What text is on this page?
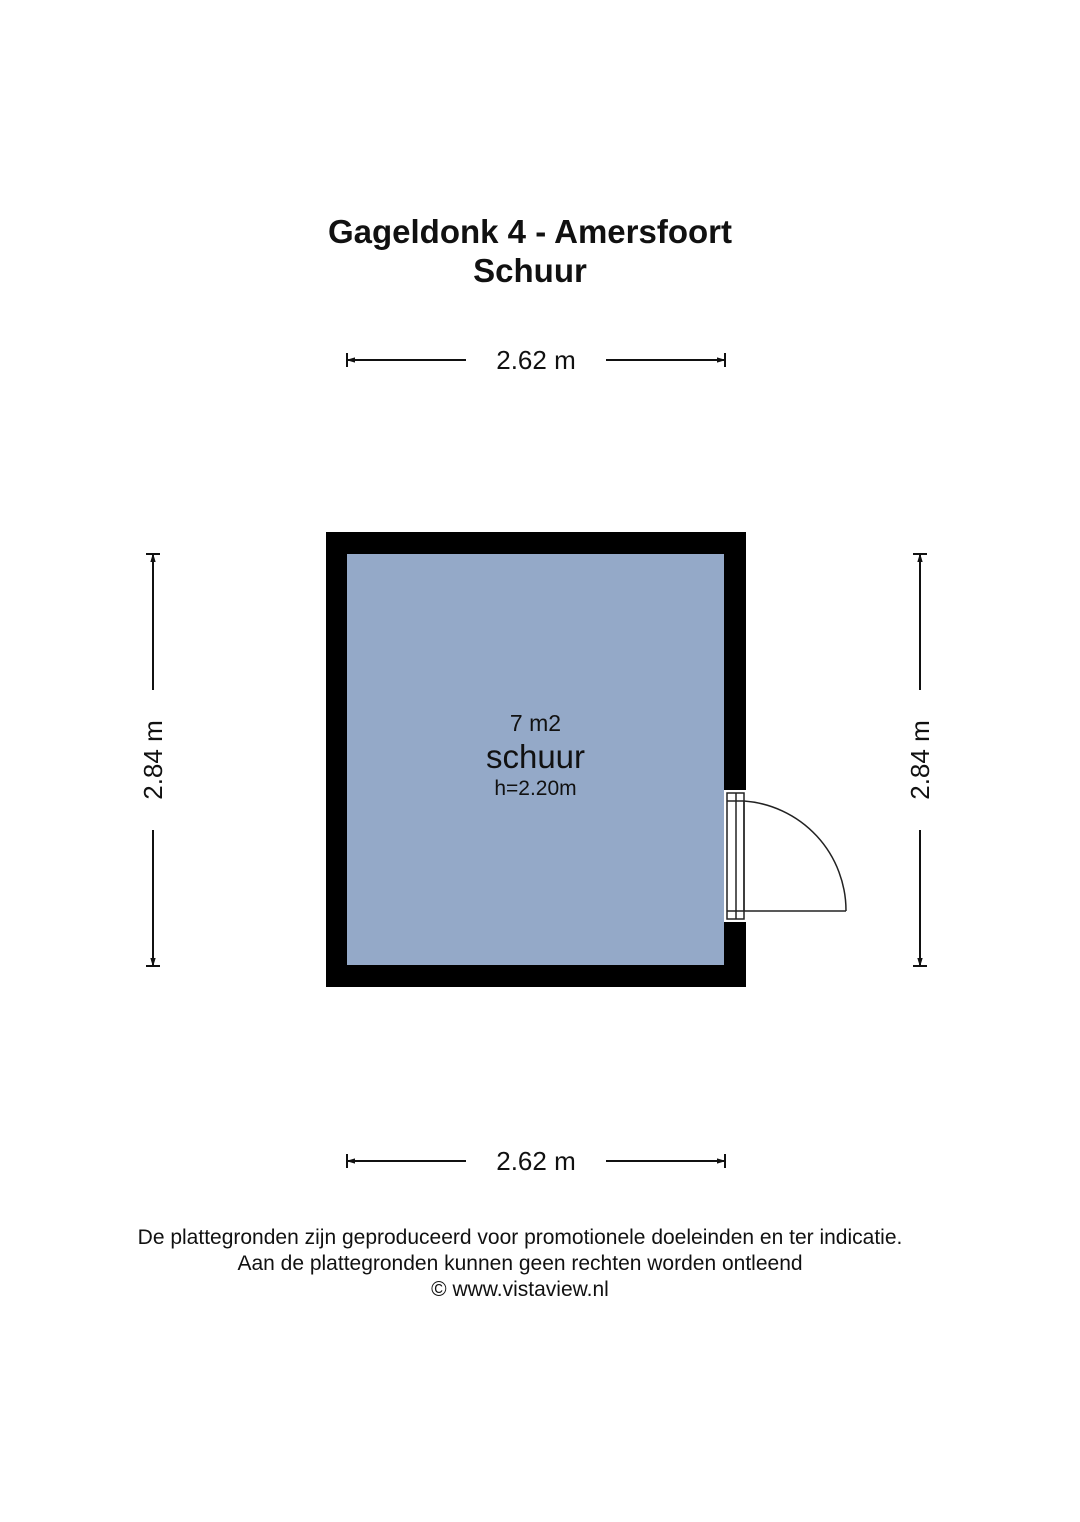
Gageldonk 4 - Amersfoort
Schuur
2.62 m
2.62 m
2.84 m	2.84 m
7 m2
schuur
h=2.20m
De plattegronden zijn geproduceerd voor promotionele doeleinden en ter indicatie.
Aan de plattegronden kunnen geen rechten worden ontleend
© www.vistaview.nl
